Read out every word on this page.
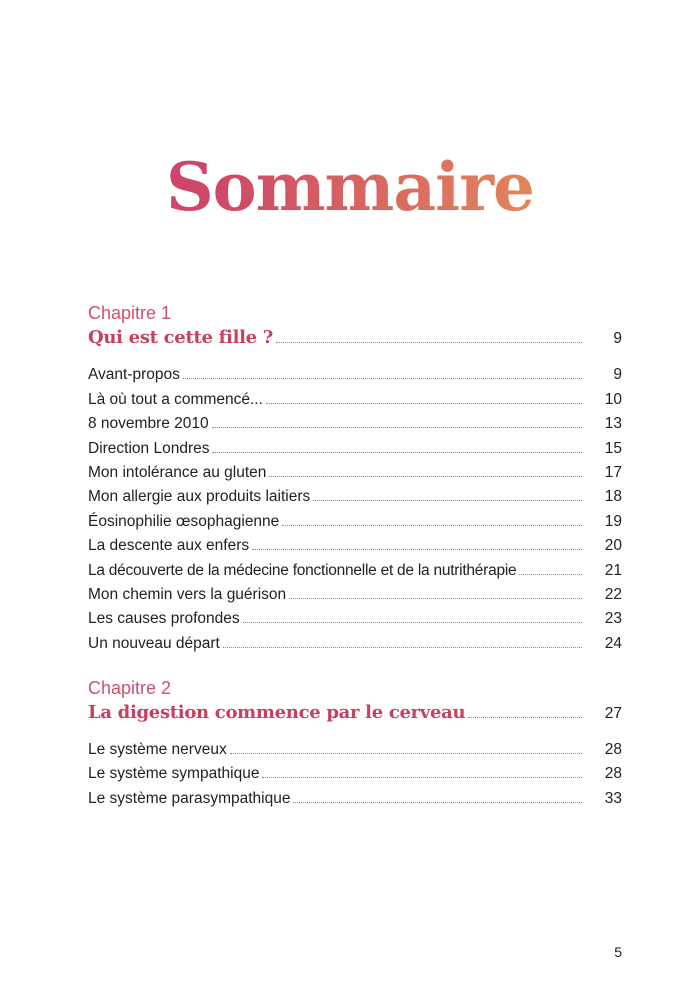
Sommaire
Chapitre 1
Qui est cette fille ?	9
Avant-propos	9
Là où tout a commencé...	10
8 novembre 2010	13
Direction Londres	15
Mon intolérance au gluten	17
Mon allergie aux produits laitiers	18
Éosinophilie œsophagienne	19
La descente aux enfers	20
La découverte de la médecine fonctionnelle et de la nutrithérapie	21
Mon chemin vers la guérison	22
Les causes profondes	23
Un nouveau départ	24
Chapitre 2
La digestion commence par le cerveau	27
Le système nerveux	28
Le système sympathique	28
Le système parasympathique	33
5
